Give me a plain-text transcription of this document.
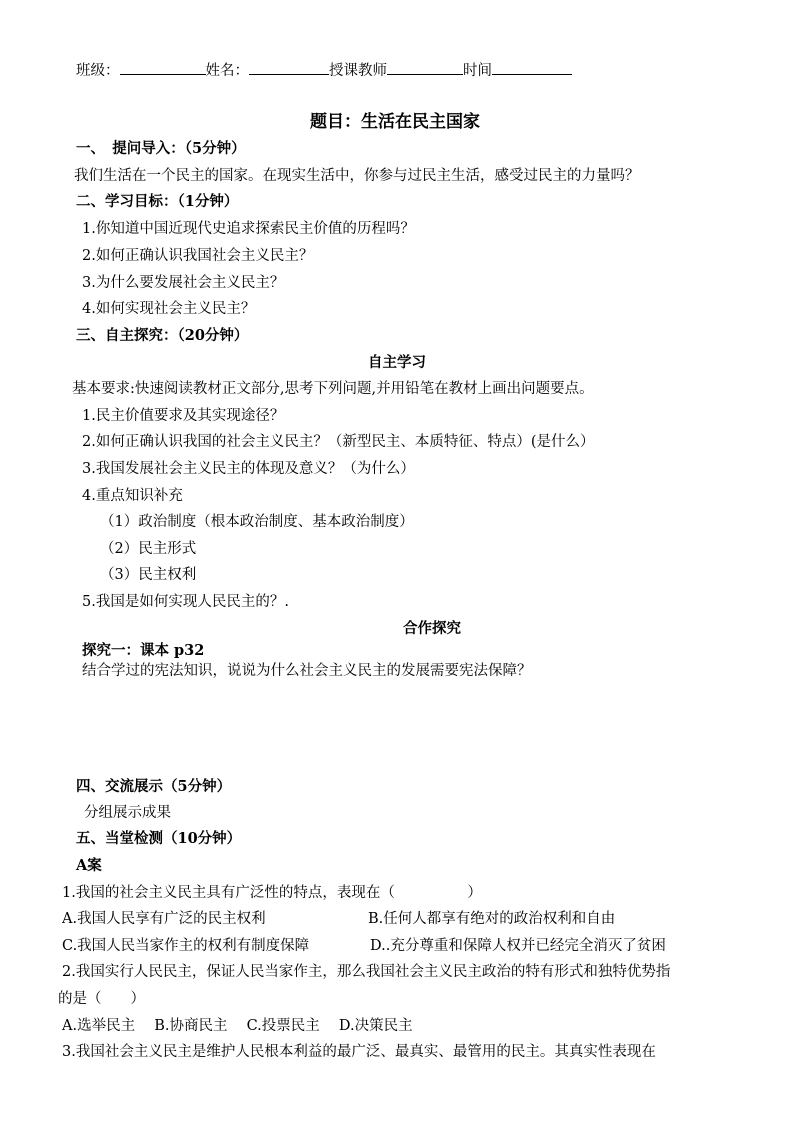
班级：	姓名：	授课教师	时间
题目：生活在民主国家
一、　提问导入：（5分钟）
我们生活在一个民主的国家。在现实生活中，你参与过民主生活，感受过民主的力量吗？
二、学习目标：（1分钟）
1.你知道中国近现代史追求探索民主价值的历程吗？
2.如何正确认识我国社会主义民主？
3.为什么要发展社会主义民主？
4.如何实现社会主义民主？
三、自主探究：（20分钟）
自主学习
基本要求:快速阅读教材正文部分,思考下列问题,并用铅笔在教材上画出问题要点。
1.民主价值要求及其实现途径？
2.如何正确认识我国的社会主义民主？（新型民主、本质特征、特点）(是什么）
3.我国发展社会主义民主的体现及意义？（为什么）
4.重点知识补充
（1）政治制度（根本政治制度、基本政治制度）
（2）民主形式
（3）民主权利
5.我国是如何实现人民民主的？.
合作探究
探究一：课本 p32
结合学过的宪法知识，说说为什么社会主义民主的发展需要宪法保障？
四、交流展示（5分钟）
分组展示成果
五、当堂检测（10分钟）
A案
1.我国的社会主义民主具有广泛性的特点，表现在（　　　　　）
A.我国人民享有广泛的民主权利	B.任何人都享有绝对的政治权利和自由
C.我国人民当家作主的权利有制度保障	D..充分尊重和保障人权并已经完全消灭了贫困
2.我国实行人民民主，保证人民当家作主，那么我国社会主义民主政治的特有形式和独特优势指
的是（　　）
A.选举民主　 B.协商民主　 C.投票民主　 D.决策民主
3.我国社会主义民主是维护人民根本利益的最广泛、最真实、最管用的民主。其真实性表现在
